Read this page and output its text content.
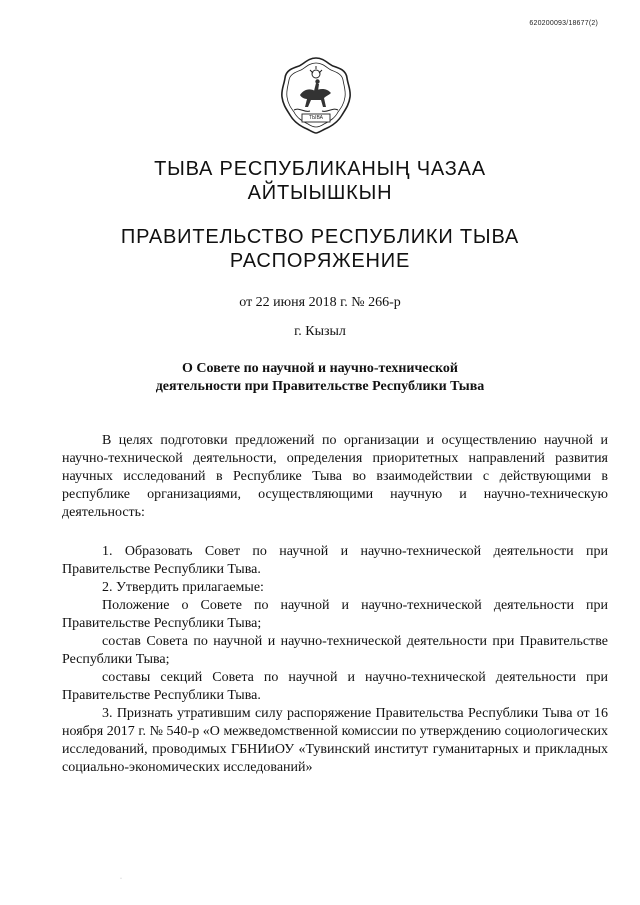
620200093/18677(2)
ТЫВА
ТЫВА РЕСПУБЛИКАНЫҢ ЧАЗАА
АЙТЫЫШКЫН
ПРАВИТЕЛЬСТВО РЕСПУБЛИКИ ТЫВА
РАСПОРЯЖЕНИЕ
от 22 июня 2018 г. № 266-р
г. Кызыл
О Совете по научной и научно-технической
деятельности при Правительстве Республики Тыва

В целях подготовки предложений по организации и осуществлению научной и научно-технической деятельности, определения приоритетных направлений развития научных исследований в Республике Тыва во взаимодействии с действующими в республике организациями, осуществляющими научную и научно-техническую деятельность:

1. Образовать Совет по научной и научно-технической деятельности при Правительстве Республики Тыва.

2. Утвердить прилагаемые:

Положение о Совете по научной и научно-технической деятельности при Правительстве Республики Тыва;

состав Совета по научной и научно-технической деятельности при Правительстве Республики Тыва;

составы секций Совета по научной и научно-технической деятельности при Правительстве Республики Тыва.

3. Признать утратившим силу распоряжение Правительства Республики Тыва от 16 ноября 2017 г. № 540-р «О межведомственной комиссии по утверждению социологических исследований, проводимых ГБНИиОУ «Тувинский институт гуманитарных и прикладных социально-экономических исследований»

·
